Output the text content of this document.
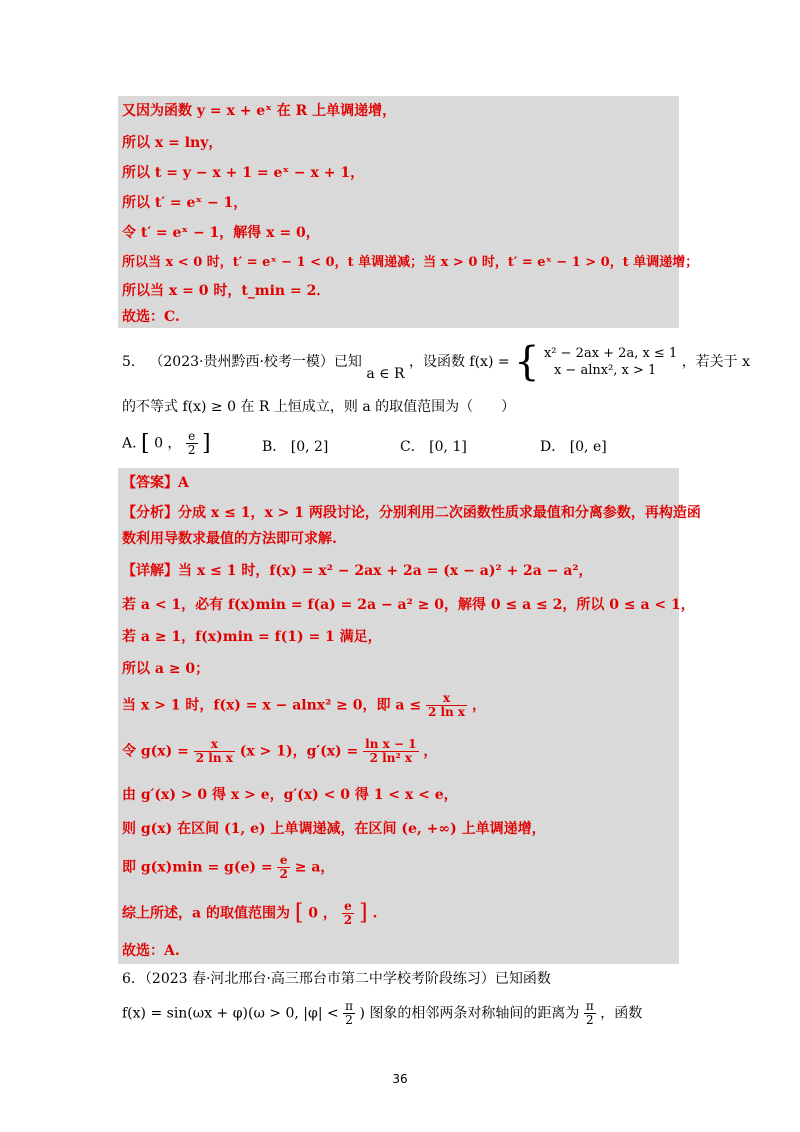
又因为函数 y = x + eˣ 在 R 上单调递增，
所以 x = lny，
所以 t = y − x + 1 = eˣ − x + 1，
所以 t′ = eˣ − 1，
令 t′ = eˣ − 1，解得 x = 0，
所以当 x < 0 时，t′ = eˣ − 1 < 0，t 单调递减；当 x > 0 时，t′ = eˣ − 1 > 0，t 单调递增；
所以当 x = 0 时，t_min = 2．
故选：C.
5． （2023·贵州黔西·校考一模）已知 a ∈ R ，设函数 f(x) = { x² − 2ax + 2a, x ≤ 1
x − alnx², x > 1
，若关于 x
的不等式 f(x) ≥ 0 在 R 上恒成立，则 a 的取值范围为（　　）
A. [ 0 ， $\frac{e}{2}$ ]	B． [0, 2]	C． [0, 1]	D． [0, e]
【答案】A
【分析】分成 x ≤ 1，x > 1 两段讨论，分别利用二次函数性质求最值和分离参数，再构造函
数利用导数求最值的方法即可求解.
【详解】当 x ≤ 1 时，f(x) = x² − 2ax + 2a = (x − a)² + 2a − a²，
若 a < 1，必有 f(x)min = f(a) = 2a − a² ≥ 0，解得 0 ≤ a ≤ 2，所以 0 ≤ a < 1，
若 a ≥ 1，f(x)min = f(1) = 1 满足，
所以 a ≥ 0；
当 x > 1 时，f(x) = x − alnx² ≥ 0，即 $a \le \frac{x}{\text{2 ln x}}$ ，
令 $g(x) = \frac{x}{\text{2 ln x}} (x > 1)$，$g'(x) = \frac{\text{ln x − 1}}{\text{2 ln² x}}$ ，
由 g′(x) > 0 得 x > e，g′(x) < 0 得 1 < x < e，
则 g(x) 在区间 (1, e) 上单调递减，在区间 (e, +∞) 上单调递增，
即 $g(x)\min = g(e) = \frac{e}{2} \ge a$，
综上所述，a 的取值范围为 [ 0 ， $\frac{e}{2}$ ] .
故选：A.
6．（2023 春·河北邢台·高三邢台市第二中学校考阶段练习）已知函数
f(x) = sin(ωx + φ)(ω > 0, $|\varphi| < \frac{\pi}{2}$ ) 图象的相邻两条对称轴间的距离为 $\frac{\pi}{2}$ ，函数
36
